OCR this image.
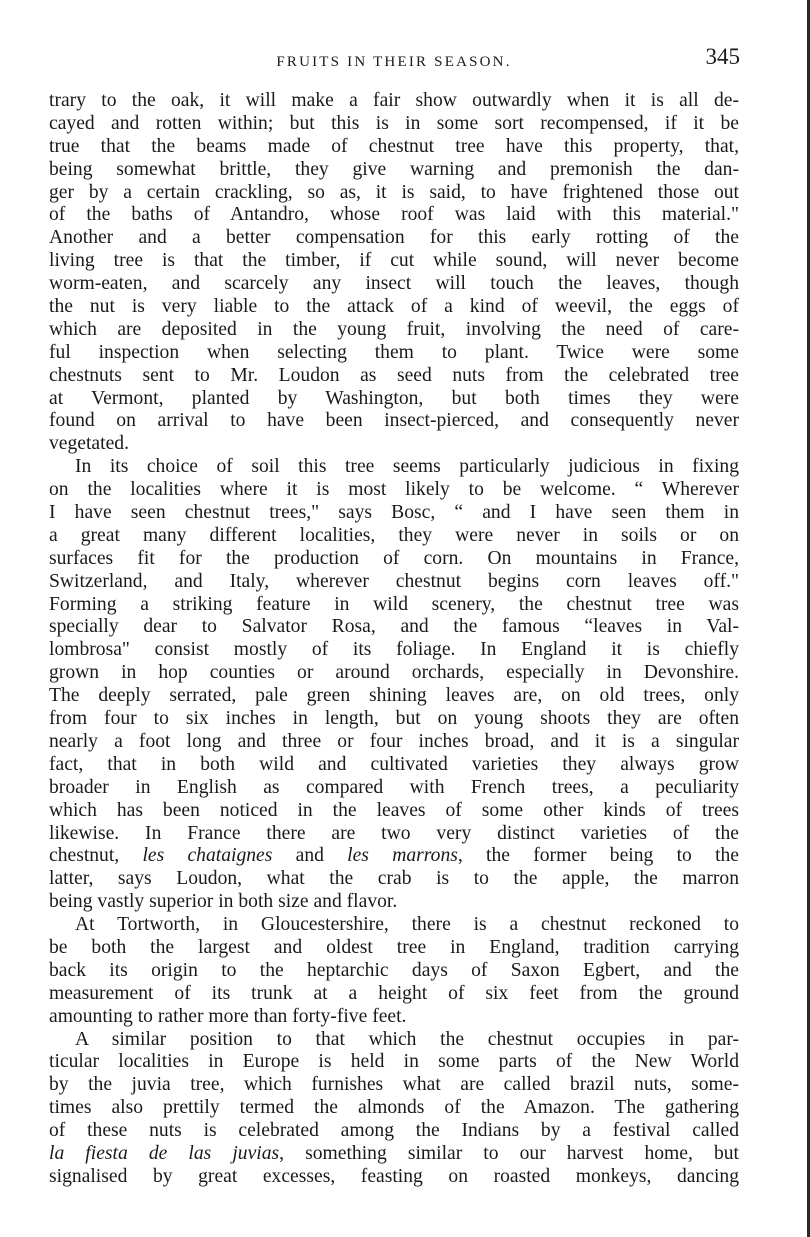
FRUITS IN THEIR SEASON.	345
trary to the oak, it will make a fair show outwardly when it is all de-
cayed and rotten within; but this is in some sort recompensed, if it be
true that the beams made of chestnut tree have this property, that,
being somewhat brittle, they give warning and premonish the dan-
ger by a certain crackling, so as, it is said, to have frightened those out
of the baths of Antandro, whose roof was laid with this material."
Another and a better compensation for this early rotting of the
living tree is that the timber, if cut while sound, will never become
worm-eaten, and scarcely any insect will touch the leaves, though
the nut is very liable to the attack of a kind of weevil, the eggs of
which are deposited in the young fruit, involving the need of care-
ful inspection when selecting them to plant. Twice were some
chestnuts sent to Mr. Loudon as seed nuts from the celebrated tree
at Vermont, planted by Washington, but both times they were
found on arrival to have been insect-pierced, and consequently never
vegetated.
In its choice of soil this tree seems particularly judicious in fixing
on the localities where it is most likely to be welcome. “ Wherever
I have seen chestnut trees," says Bosc, “ and I have seen them in
a great many different localities, they were never in soils or on
surfaces fit for the production of corn. On mountains in France,
Switzerland, and Italy, wherever chestnut begins corn leaves off."
Forming a striking feature in wild scenery, the chestnut tree was
specially dear to Salvator Rosa, and the famous “leaves in Val-
lombrosa" consist mostly of its foliage. In England it is chiefly
grown in hop counties or around orchards, especially in Devonshire.
The deeply serrated, pale green shining leaves are, on old trees, only
from four to six inches in length, but on young shoots they are often
nearly a foot long and three or four inches broad, and it is a singular
fact, that in both wild and cultivated varieties they always grow
broader in English as compared with French trees, a peculiarity
which has been noticed in the leaves of some other kinds of trees
likewise. In France there are two very distinct varieties of the
chestnut, les chataignes and les marrons, the former being to the
latter, says Loudon, what the crab is to the apple, the marron
being vastly superior in both size and flavor.
At Tortworth, in Gloucestershire, there is a chestnut reckoned to
be both the largest and oldest tree in England, tradition carrying
back its origin to the heptarchic days of Saxon Egbert, and the
measurement of its trunk at a height of six feet from the ground
amounting to rather more than forty-five feet.
A similar position to that which the chestnut occupies in par-
ticular localities in Europe is held in some parts of the New World
by the juvia tree, which furnishes what are called brazil nuts, some-
times also prettily termed the almonds of the Amazon. The gathering
of these nuts is celebrated among the Indians by a festival called
la fiesta de las juvias, something similar to our harvest home, but
signalised by great excesses, feasting on roasted monkeys, dancing
